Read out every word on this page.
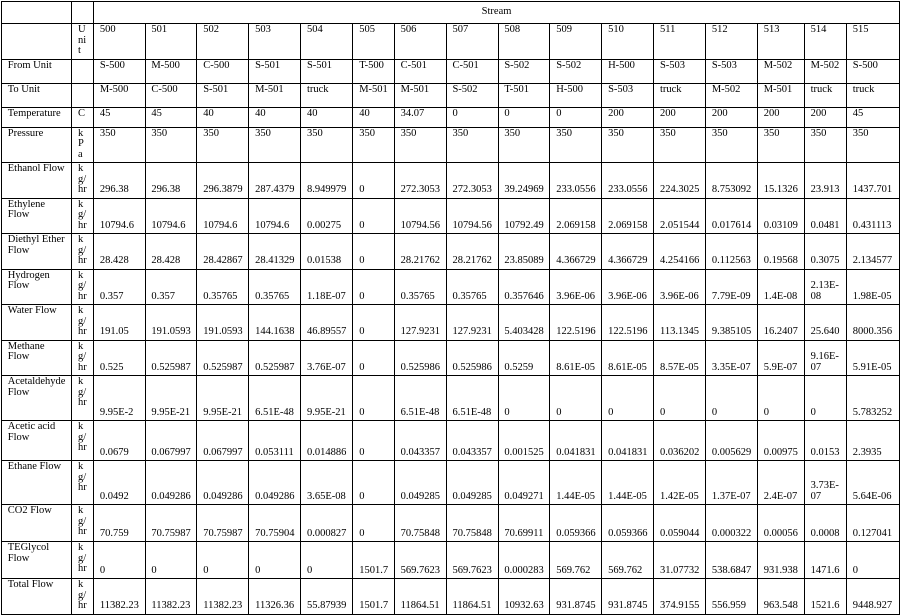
		Stream															
	Unit	500	501	502	503	504	505	506	507	508	509	510	511	512	513	514	515
From Unit		S-500	M-500	C-500	S-501	S-501	T-500	C-501	C-501	S-502	S-502	H-500	S-503	S-503	M-502	M-502	S-500
To Unit		M-500	C-500	S-501	M-501	truck	M-501	M-501	S-502	T-501	H-500	S-503	truck	M-502	M-501	truck	truck
Temperature	C	45	45	40	40	40	40	34.07	0	0	0	200	200	200	200	200	45
Pressure	kPa	350	350	350	350	350	350	350	350	350	350	350	350	350	350	350	350
Ethanol Flow	kg/hr	296.38	296.38	296.3879	287.4379	8.949979	0	272.3053	272.3053	39.24969	233.0556	233.0556	224.3025	8.753092	15.1326	23.913	1437.701
Ethylene Flow	kg/hr	10794.6	10794.6	10794.6	10794.6	0.00275	0	10794.56	10794.56	10792.49	2.069158	2.069158	2.051544	0.017614	0.03109	0.0481	0.431113
Diethyl Ether Flow	kg/hr	28.428	28.428	28.42867	28.41329	0.01538	0	28.21762	28.21762	23.85089	4.366729	4.366729	4.254166	0.112563	0.19568	0.3075	2.134577
Hydrogen Flow	kg/hr	0.357	0.357	0.35765	0.35765	1.18E-07	0	0.35765	0.35765	0.357646	3.96E-06	3.96E-06	3.96E-06	7.79E-09	1.4E-08	2.13E-08	1.98E-05
Water Flow	kg/hr	191.05	191.0593	191.0593	144.1638	46.89557	0	127.9231	127.9231	5.403428	122.5196	122.5196	113.1345	9.385105	16.2407	25.640	8000.356
Methane Flow	kg/hr	0.525	0.525987	0.525987	0.525987	3.76E-07	0	0.525986	0.525986	0.5259	8.61E-05	8.61E-05	8.57E-05	3.35E-07	5.9E-07	9.16E-07	5.91E-05
Acetaldehyde Flow	kg/hr	9.95E-2	9.95E-21	9.95E-21	6.51E-48	9.95E-21	0	6.51E-48	6.51E-48	0	0	0	0	0	0	0	5.783252
Acetic acid Flow	kg/hr	0.0679	0.067997	0.067997	0.053111	0.014886	0	0.043357	0.043357	0.001525	0.041831	0.041831	0.036202	0.005629	0.00975	0.0153	2.3935
Ethane Flow	kg/hr	0.0492	0.049286	0.049286	0.049286	3.65E-08	0	0.049285	0.049285	0.049271	1.44E-05	1.44E-05	1.42E-05	1.37E-07	2.4E-07	3.73E-07	5.64E-06
CO2 Flow	kg/hr	70.759	70.75987	70.75987	70.75904	0.000827	0	70.75848	70.75848	70.69911	0.059366	0.059366	0.059044	0.000322	0.00056	0.0008	0.127041
TEGlycol Flow	kg/hr	0	0	0	0	0	1501.7	569.7623	569.7623	0.000283	569.762	569.762	31.07732	538.6847	931.938	1471.6	0
Total Flow	kg/hr	11382.23	11382.23	11382.23	11326.36	55.87939	1501.7	11864.51	11864.51	10932.63	931.8745	931.8745	374.9155	556.959	963.548	1521.6	9448.927
